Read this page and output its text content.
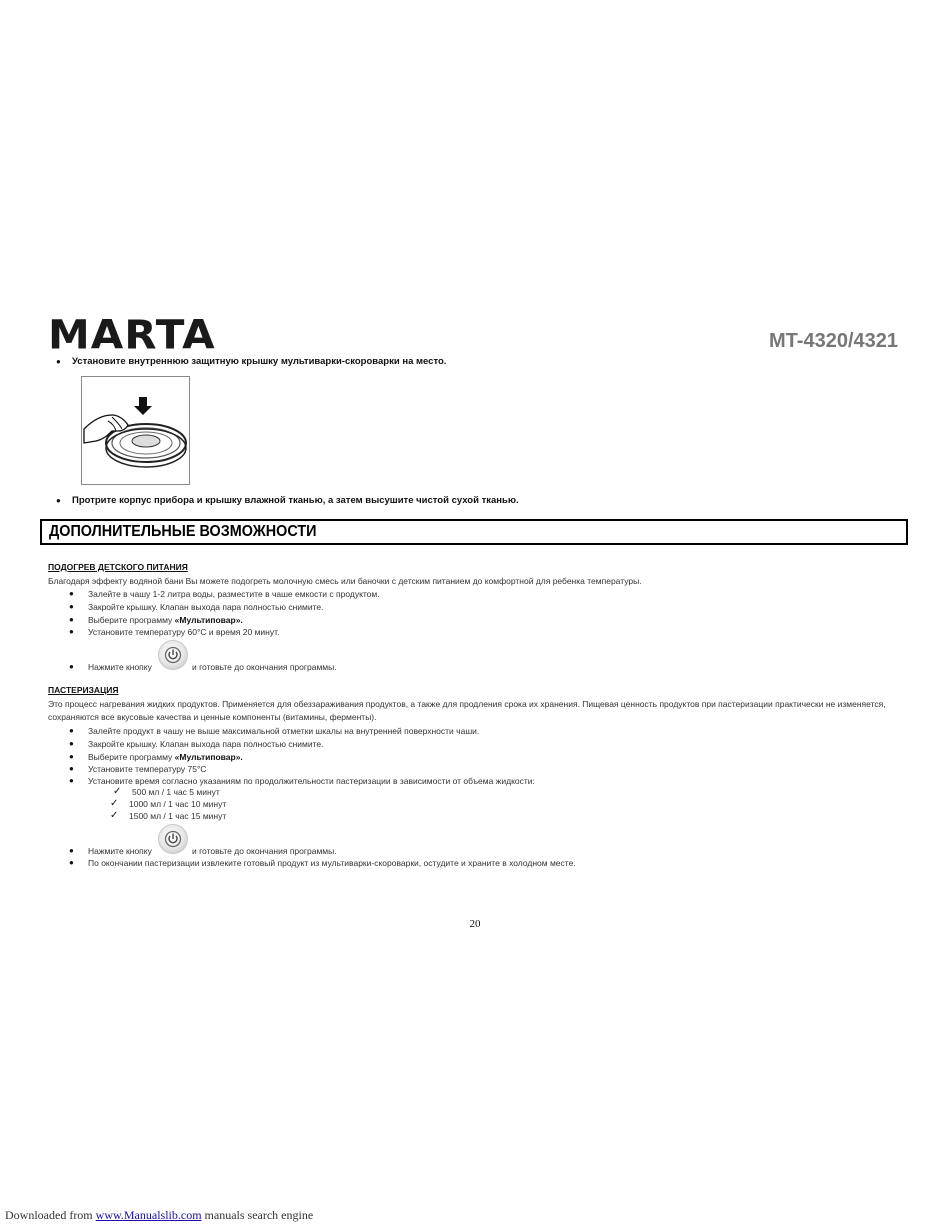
MARTA	MT-4320/4321
● Установите внутреннюю защитную крышку мультиварки-скороварки на место.
● Протрите корпус прибора и крышку влажной тканью, а затем высушите чистой сухой тканью.
ДОПОЛНИТЕЛЬНЫЕ ВОЗМОЖНОСТИ
ПОДОГРЕВ ДЕТСКОГО ПИТАНИЯ
Благодаря эффекту водяной бани Вы можете подогреть молочную смесь или баночки с детским питанием до комфортной для ребенка температуры.
● Залейте в чашу 1-2 литра воды, разместите в чаше емкости с продуктом.
● Закройте крышку. Клапан выхода пара полностью снимите.
● Выберите программу «Мультиповар».
● Установите температуру 60°С и время 20 минут.
● Нажмите кнопку	и готовьте до окончания программы.
ПАСТЕРИЗАЦИЯ
Это процесс нагревания жидких продуктов. Применяется для обеззараживания продуктов, а также для продления срока их хранения. Пищевая ценность продуктов при пастеризации практически не изменяется,
сохраняются все вкусовые качества и ценные компоненты (витамины, ферменты).
● Залейте продукт в чашу не выше максимальной отметки шкалы на внутренней поверхности чаши.
● Закройте крышку. Клапан выхода пара полностью снимите.
● Выберите программу «Мультиповар».
● Установите температуру 75°С
● Установите время согласно указаниям по продолжительности пастеризации в зависимости от объема жидкости:
✓ 500 мл / 1 час 5 минут
✓ 1000 мл / 1 час 10 минут
✓ 1500 мл / 1 час 15 минут
● Нажмите кнопку	и готовьте до окончания программы.
● По окончании пастеризации извлеките готовый продукт из мультиварки-скороварки, остудите и храните в холодном месте.
20
Downloaded from www.Manualslib.com manuals search engine
